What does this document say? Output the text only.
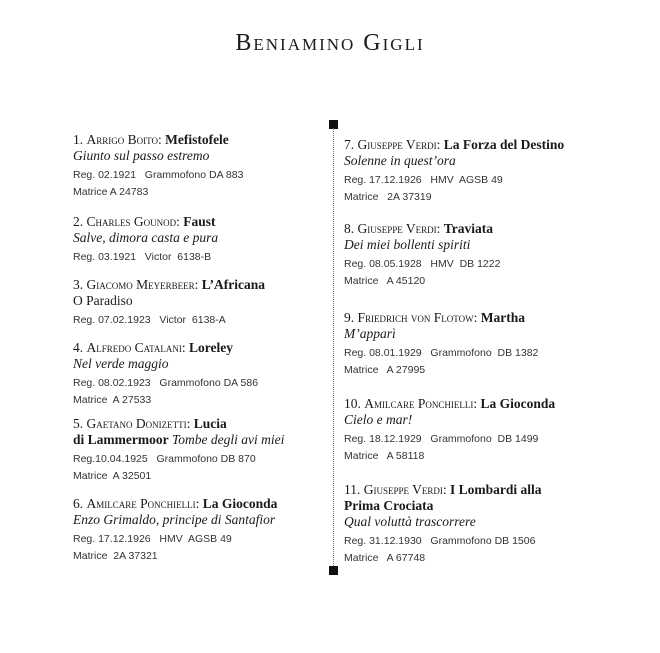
Beniamino Gigli
1. Arrigo Boito: Mefistofele
Giunto sul passo estremo
Reg. 02.1921   Grammofono DA 883
Matrice A 24783
2. Charles Gounod: Faust
Salve, dimora casta e pura
Reg. 03.1921   Victor  6138-B
3. Giacomo Meyerbeer: L’Africana
O Paradiso
Reg. 07.02.1923   Victor  6138-A
4. Alfredo Catalani: Loreley
Nel verde maggio
Reg. 08.02.1923   Grammofono DA 586
Matrice  A 27533
5. Gaetano Donizetti: Lucia
di Lammermoor Tombe degli avi miei
Reg.10.04.1925   Grammofono DB 870
Matrice  A 32501
6. Amilcare Ponchielli: La Gioconda
Enzo Grimaldo, principe di Santafior
Reg. 17.12.1926   HMV  AGSB 49
Matrice  2A 37321
7. Giuseppe Verdi: La Forza del Destino
Solenne in quest’ora
Reg. 17.12.1926   HMV  AGSB 49
Matrice   2A 37319
8. Giuseppe Verdi: Traviata
Dei miei bollenti spiriti
Reg. 08.05.1928   HMV  DB 1222
Matrice   A 45120
9. Friedrich von Flotow: Martha
M’apparì
Reg. 08.01.1929   Grammofono  DB 1382
Matrice   A 27995
10. Amilcare Ponchielli: La Gioconda
Cielo e mar!
Reg. 18.12.1929   Grammofono  DB 1499
Matrice   A 58118
11. Giuseppe Verdi: I Lombardi alla
Prima Crociata
Qual voluttà trascorrere
Reg. 31.12.1930   Grammofono DB 1506
Matrice   A 67748
